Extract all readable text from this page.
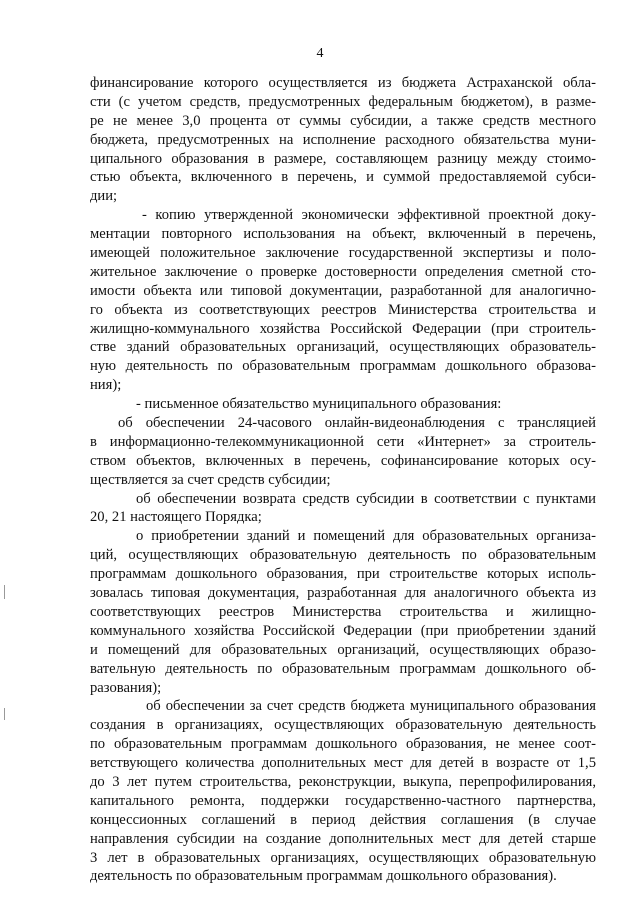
4
финансирование которого осуществляется из бюджета Астраханской обла-
сти (с учетом средств, предусмотренных федеральным бюджетом), в разме-
ре не менее 3,0 процента от суммы субсидии, а также средств местного
бюджета, предусмотренных на исполнение расходного обязательства муни-
ципального образования в размере, составляющем разницу между стоимо-
стью объекта, включенного в перечень, и суммой предоставляемой субси-
дии;
- копию утвержденной экономически эффективной проектной доку-
ментации повторного использования на объект, включенный в перечень,
имеющей положительное заключение государственной экспертизы и поло-
жительное заключение о проверке достоверности определения сметной сто-
имости объекта или типовой документации, разработанной для аналогично-
го объекта из соответствующих реестров Министерства строительства и
жилищно-коммунального хозяйства Российской Федерации (при строитель-
стве зданий образовательных организаций, осуществляющих образователь-
ную деятельность по образовательным программам дошкольного образова-
ния);
- письменное обязательство муниципального образования:
об обеспечении 24-часового онлайн-видеонаблюдения с трансляцией
в информационно-телекоммуникационной сети «Интернет» за строитель-
ством объектов, включенных в перечень, софинансирование которых осу-
ществляется за счет средств субсидии;
об обеспечении возврата средств субсидии в соответствии с пунктами
20, 21 настоящего Порядка;
о приобретении зданий и помещений для образовательных организа-
ций, осуществляющих образовательную деятельность по образовательным
программам дошкольного образования, при строительстве которых исполь-
зовалась типовая документация, разработанная для аналогичного объекта из
соответствующих реестров Министерства строительства и жилищно-
коммунального хозяйства Российской Федерации (при приобретении зданий
и помещений для образовательных организаций, осуществляющих образо-
вательную деятельность по образовательным программам дошкольного об-
разования);
об обеспечении за счет средств бюджета муниципального образования
создания в организациях, осуществляющих образовательную деятельность
по образовательным программам дошкольного образования, не менее соот-
ветствующего количества дополнительных мест для детей в возрасте от 1,5
до 3 лет путем строительства, реконструкции, выкупа, перепрофилирования,
капитального ремонта, поддержки государственно-частного партнерства,
концессионных соглашений в период действия соглашения (в случае
направления субсидии на создание дополнительных мест для детей старше
3 лет в образовательных организациях, осуществляющих образовательную
деятельность по образовательным программам дошкольного образования).
